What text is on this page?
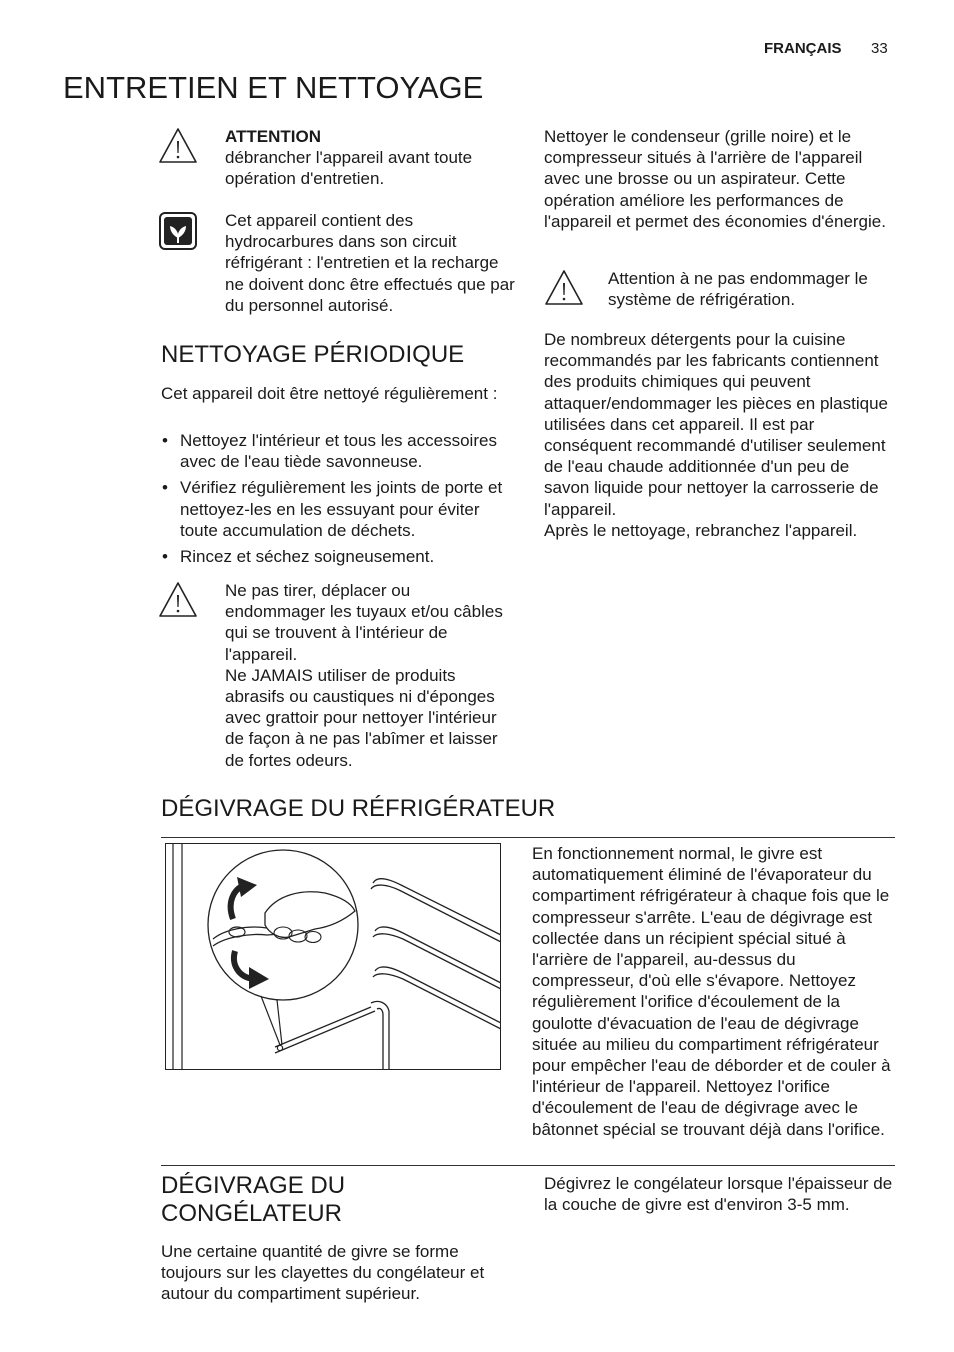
FRANÇAIS 33
ENTRETIEN ET NETTOYAGE

ATTENTION

débrancher l'appareil avant toute opération d'entretien.

Cet appareil contient des hydrocarbures dans son circuit réfrigérant : l'entretien et la recharge ne doivent donc être effectués que par du personnel autorisé.

NETTOYAGE PÉRIODIQUE

Cet appareil doit être nettoyé régulièrement :

• Nettoyez l'intérieur et tous les accessoires avec de l'eau tiède savonneuse.
• Vérifiez régulièrement les joints de porte et nettoyez-les en les essuyant pour éviter toute accumulation de déchets.
• Rincez et séchez soigneusement.

Ne pas tirer, déplacer ou endommager les tuyaux et/ou câbles qui se trouvent à l'intérieur de l'appareil.

Ne JAMAIS utiliser de produits abrasifs ou caustiques ni d'éponges avec grattoir pour nettoyer l'intérieur de façon à ne pas l'abîmer et laisser de fortes odeurs.

Nettoyer le condenseur (grille noire) et le compresseur situés à l'arrière de l'appareil avec une brosse ou un aspirateur. Cette opération améliore les performances de l'appareil et permet des économies d'énergie.

Attention à ne pas endommager le système de réfrigération.

De nombreux détergents pour la cuisine recommandés par les fabricants contiennent des produits chimiques qui peuvent attaquer/endommager les pièces en plastique utilisées dans cet appareil. Il est par conséquent recommandé d'utiliser seulement de l'eau chaude additionnée d'un peu de savon liquide pour nettoyer la carrosserie de l'appareil.

Après le nettoyage, rebranchez l'appareil.

DÉGIVRAGE DU RÉFRIGÉRATEUR

En fonctionnement normal, le givre est automatiquement éliminé de l'évaporateur du compartiment réfrigérateur à chaque fois que le compresseur s'arrête. L'eau de dégivrage est collectée dans un récipient spécial situé à l'arrière de l'appareil, au-dessus du compresseur, d'où elle s'évapore. Nettoyez régulièrement l'orifice d'écoulement de la goulotte d'évacuation de l'eau de dégivrage située au milieu du compartiment réfrigérateur pour empêcher l'eau de déborder et de couler à l'intérieur de l'appareil. Nettoyez l'orifice d'écoulement de l'eau de dégivrage avec le bâtonnet spécial se trouvant déjà dans l'orifice.

DÉGIVRAGE DU
CONGÉLATEUR

Une certaine quantité de givre se forme toujours sur les clayettes du congélateur et autour du compartiment supérieur.

Dégivrez le congélateur lorsque l'épaisseur de la couche de givre est d'environ 3-5 mm.
